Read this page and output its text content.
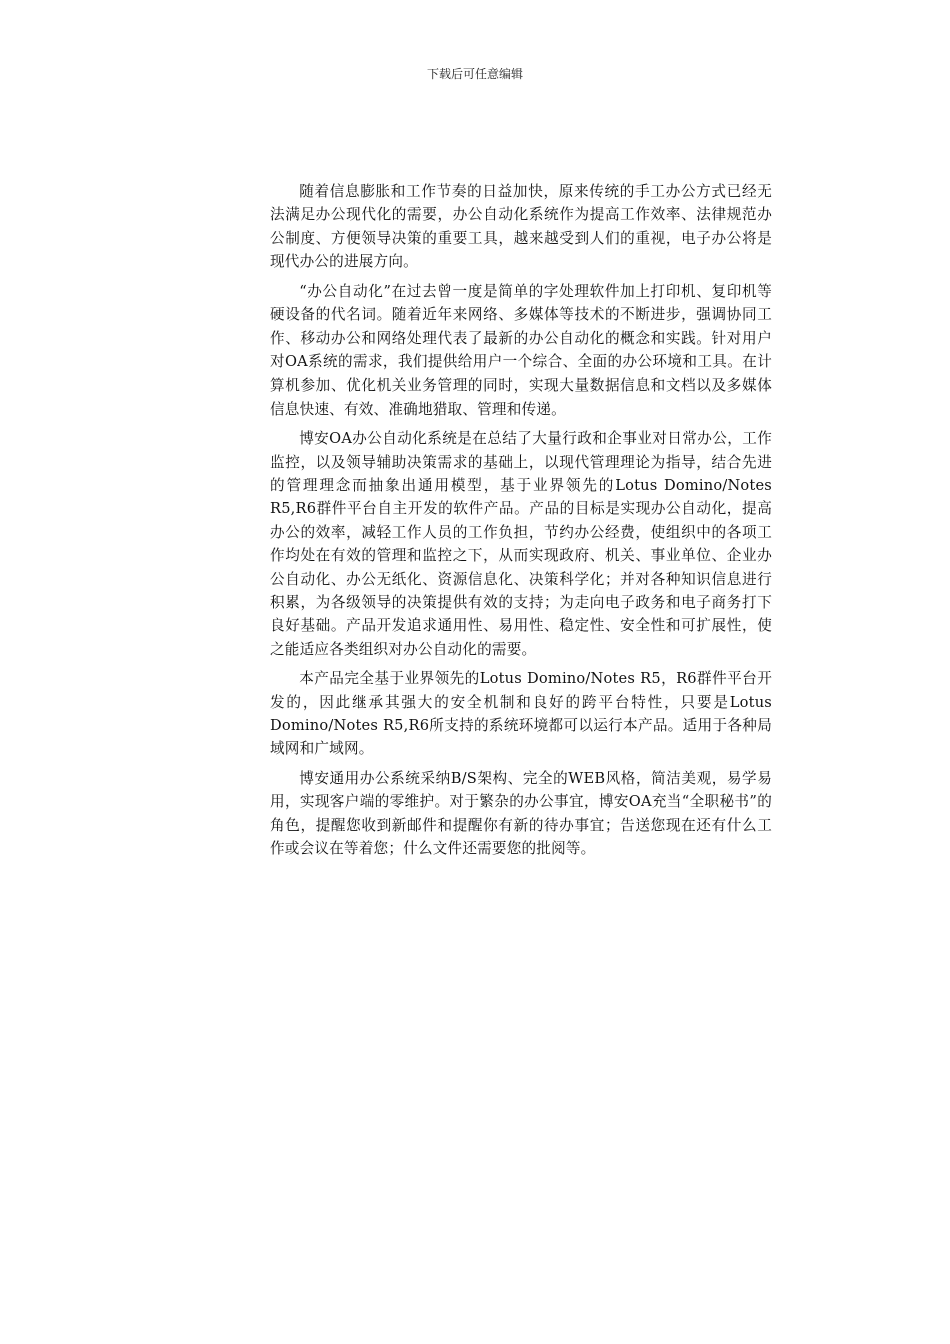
下载后可任意编辑

随着信息膨胀和工作节奏的日益加快，原来传统的手工办公方式已经无法满足办公现代化的需要，办公自动化系统作为提高工作效率、法律规范办公制度、方便领导决策的重要工具，越来越受到人们的重视，电子办公将是现代办公的进展方向。

“办公自动化”在过去曾一度是简单的字处理软件加上打印机、复印机等硬设备的代名词。随着近年来网络、多媒体等技术的不断进步，强调协同工作、移动办公和网络处理代表了最新的办公自动化的概念和实践。针对用户对OA系统的需求，我们提供给用户一个综合、全面的办公环境和工具。在计算机参加、优化机关业务管理的同时，实现大量数据信息和文档以及多媒体信息快速、有效、准确地猎取、管理和传递。

博安OA办公自动化系统是在总结了大量行政和企事业对日常办公，工作监控，以及领导辅助决策需求的基础上，以现代管理理论为指导，结合先进的管理理念而抽象出通用模型，基于业界领先的Lotus Domino/Notes R5,R6群件平台自主开发的软件产品。产品的目标是实现办公自动化，提高办公的效率，减轻工作人员的工作负担，节约办公经费，使组织中的各项工作均处在有效的管理和监控之下，从而实现政府、机关、事业单位、企业办公自动化、办公无纸化、资源信息化、决策科学化；并对各种知识信息进行积累，为各级领导的决策提供有效的支持；为走向电子政务和电子商务打下良好基础。产品开发追求通用性、易用性、稳定性、安全性和可扩展性，使之能适应各类组织对办公自动化的需要。

本产品完全基于业界领先的Lotus Domino/Notes R5，R6群件平台开发的，因此继承其强大的安全机制和良好的跨平台特性，只要是Lotus Domino/Notes R5,R6所支持的系统环境都可以运行本产品。适用于各种局域网和广域网。

博安通用办公系统采纳B/S架构、完全的WEB风格，简洁美观，易学易用，实现客户端的零维护。对于繁杂的办公事宜，博安OA充当“全职秘书”的角色，提醒您收到新邮件和提醒你有新的待办事宜；告送您现在还有什么工作或会议在等着您；什么文件还需要您的批阅等。
